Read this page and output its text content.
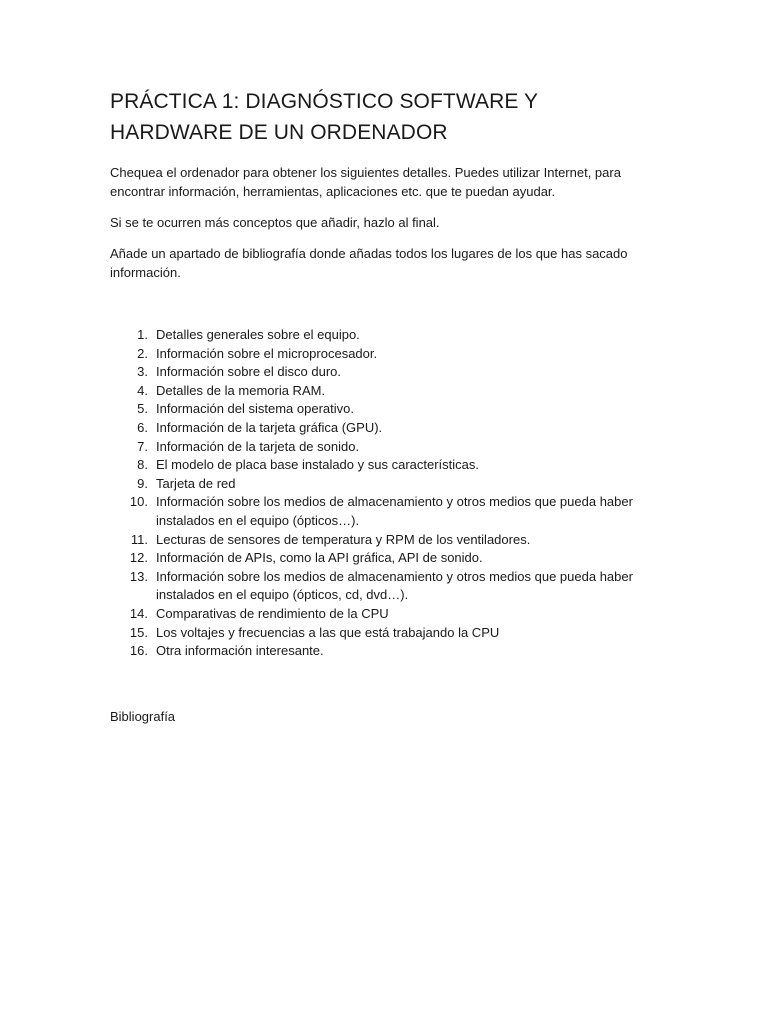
PRÁCTICA 1: DIAGNÓSTICO SOFTWARE Y HARDWARE DE UN ORDENADOR

Chequea el ordenador para obtener los siguientes detalles. Puedes utilizar Internet, para encontrar información, herramientas, aplicaciones etc. que te puedan ayudar.

Si se te ocurren más conceptos que añadir, hazlo al final.

Añade un apartado de bibliografía donde añadas todos los lugares de los que has sacado información.

1. Detalles generales sobre el equipo.
2. Información sobre el microprocesador.
3. Información sobre el disco duro.
4. Detalles de la memoria RAM.
5. Información del sistema operativo.
6. Información de la tarjeta gráfica (GPU).
7. Información de la tarjeta de sonido.
8. El modelo de placa base instalado y sus características.
9. Tarjeta de red
10. Información sobre los medios de almacenamiento y otros medios que pueda haber instalados en el equipo (ópticos…).
11. Lecturas de sensores de temperatura y RPM de los ventiladores.
12. Información de APIs, como la API gráfica, API de sonido.
13. Información sobre los medios de almacenamiento y otros medios que pueda haber instalados en el equipo (ópticos, cd, dvd…).
14. Comparativas de rendimiento de la CPU
15. Los voltajes y frecuencias a las que está trabajando la CPU
16. Otra información interesante.

Bibliografía
